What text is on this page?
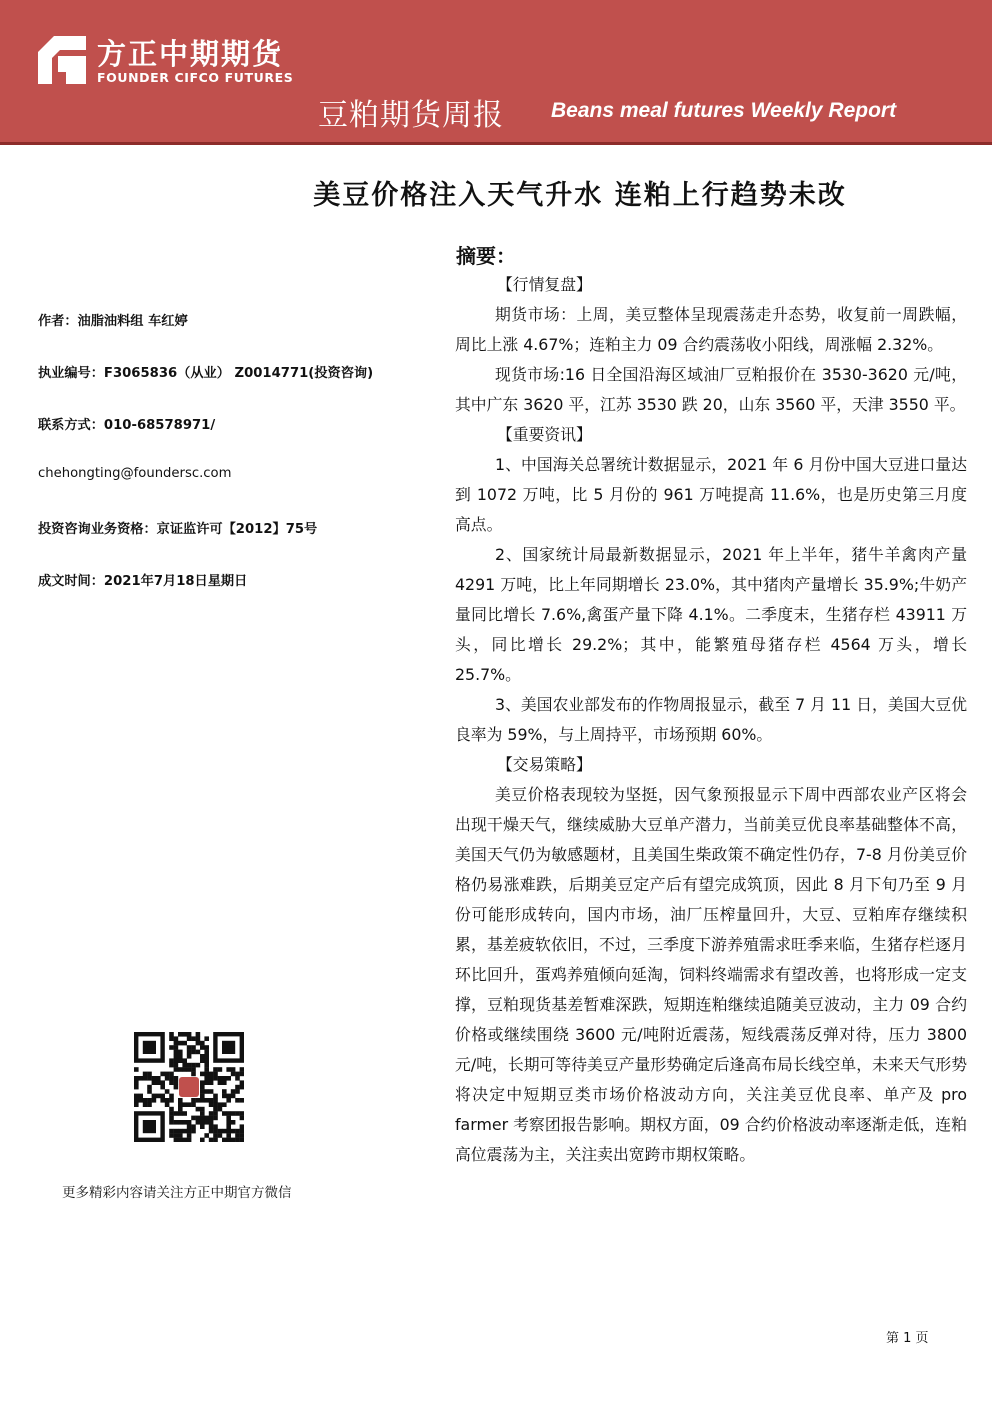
方正中期期货
FOUNDER CIFCO FUTURES
豆粕期货周报 Beans meal futures Weekly Report
美豆价格注入天气升水 连粕上行趋势未改
作者：油脂油料组 车红婷
执业编号：F3065836（从业） Z0014771(投资咨询)
联系方式：010-68578971/
chehongting@foundersc.com
投资咨询业务资格：京证监许可【2012】75号
成文时间：2021年7月18日星期日
更多精彩内容请关注方正中期官方微信
摘要：

【行情复盘】

期货市场：上周，美豆整体呈现震荡走升态势，收复前一周跌幅，周比上涨 4.67%；连粕主力 09 合约震荡收小阳线，周涨幅 2.32%。

现货市场:16 日全国沿海区域油厂豆粕报价在 3530-3620 元/吨，其中广东 3620 平，江苏 3530 跌 20，山东 3560 平，天津 3550 平。

【重要资讯】

1、中国海关总署统计数据显示，2021 年 6 月份中国大豆进口量达到 1072 万吨，比 5 月份的 961 万吨提高 11.6%，也是历史第三月度高点。

2、国家统计局最新数据显示，2021 年上半年，猪牛羊禽肉产量 4291 万吨，比上年同期增长 23.0%，其中猪肉产量增长 35.9%;牛奶产量同比增长 7.6%,禽蛋产量下降 4.1%。二季度末，生猪存栏 43911 万头，同比增长 29.2%；其中，能繁殖母猪存栏 4564 万头，增长 25.7%。

3、美国农业部发布的作物周报显示，截至 7 月 11 日，美国大豆优良率为 59%，与上周持平，市场预期 60%。

【交易策略】

美豆价格表现较为坚挺，因气象预报显示下周中西部农业产区将会出现干燥天气，继续威胁大豆单产潜力，当前美豆优良率基础整体不高，美国天气仍为敏感题材，且美国生柴政策不确定性仍存，7-8 月份美豆价格仍易涨难跌，后期美豆定产后有望完成筑顶，因此 8 月下旬乃至 9 月份可能形成转向，国内市场，油厂压榨量回升，大豆、豆粕库存继续积累，基差疲软依旧，不过，三季度下游养殖需求旺季来临，生猪存栏逐月环比回升，蛋鸡养殖倾向延淘，饲料终端需求有望改善，也将形成一定支撑，豆粕现货基差暂难深跌，短期连粕继续追随美豆波动，主力 09 合约价格或继续围绕 3600 元/吨附近震荡，短线震荡反弹对待，压力 3800 元/吨，长期可等待美豆产量形势确定后逢高布局长线空单，未来天气形势将决定中短期豆类市场价格波动方向，关注美豆优良率、单产及 pro farmer 考察团报告影响。期权方面，09 合约价格波动率逐渐走低，连粕高位震荡为主，关注卖出宽跨市期权策略。

第 1 页
